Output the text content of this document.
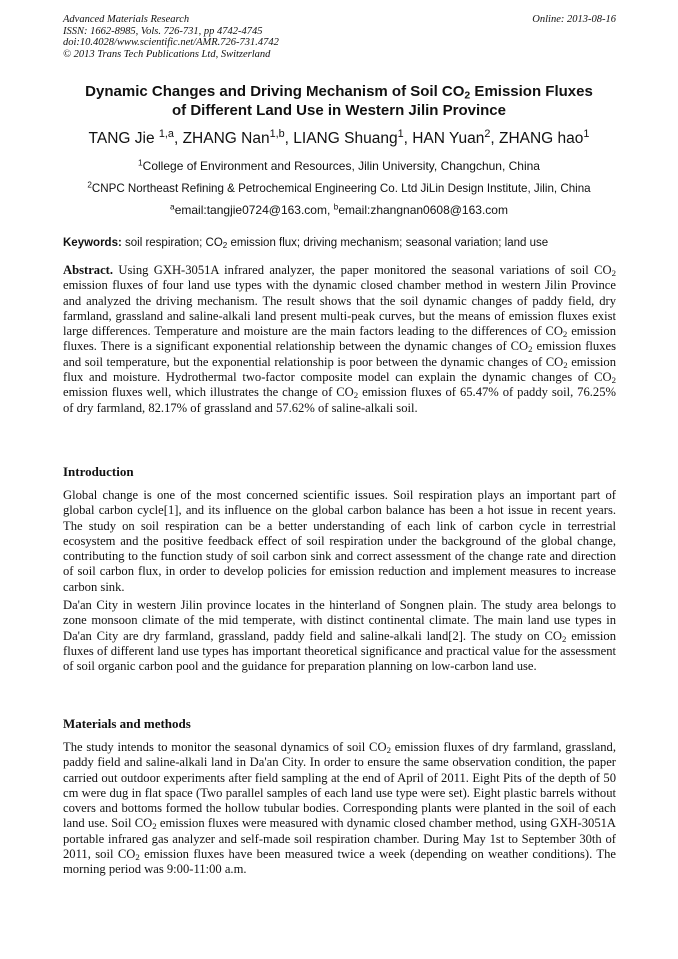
Advanced Materials Research
ISSN: 1662-8985, Vols. 726-731, pp 4742-4745
doi:10.4028/www.scientific.net/AMR.726-731.4742
© 2013 Trans Tech Publications Ltd, Switzerland
Online: 2013-08-16
Dynamic Changes and Driving Mechanism of Soil $CO_2$ Emission Fluxes
of Different Land Use in Western Jilin Province
TANG Jie $^{1,a}$, ZHANG Nan$^{1,b}$, LIANG Shuang$^1$, HAN Yuan$^2$, ZHANG hao$^1$
$^1$College of Environment and Resources, Jilin University, Changchun, China
$^2$CNPC Northeast Refining & Petrochemical Engineering Co. Ltd JiLin Design Institute, Jilin, China
$^a$email:tangjie0724@163.com, $^b$email:zhangnan0608@163.com
Keywords: soil respiration; $CO_2$ emission flux; driving mechanism; seasonal variation; land use
Abstract. Using GXH-3051A infrared analyzer, the paper monitored the seasonal variations of soil $CO_2$ emission fluxes of four land use types with the dynamic closed chamber method in western Jilin Province and analyzed the driving mechanism. The result shows that the soil dynamic changes of paddy field, dry farmland, grassland and saline-alkali land present multi-peak curves, but the means of emission fluxes exist large differences. Temperature and moisture are the main factors leading to the differences of $CO_2$ emission fluxes. There is a significant exponential relationship between the dynamic changes of $CO_2$ emission fluxes and soil temperature, but the exponential relationship is poor between the dynamic changes of $CO_2$ emission flux and moisture. Hydrothermal two-factor composite model can explain the dynamic changes of $CO_2$ emission fluxes well, which illustrates the change of $CO_2$ emission fluxes of 65.47% of paddy soil, 76.25% of dry farmland, 82.17% of grassland and 57.62% of saline-alkali soil.
Introduction
Global change is one of the most concerned scientific issues. Soil respiration plays an important part of global carbon cycle[1], and its influence on the global carbon balance has been a hot issue in recent years. The study on soil respiration can be a better understanding of each link of carbon cycle in terrestrial ecosystem and the positive feedback effect of soil respiration under the background of the global change, contributing to the function study of soil carbon sink and correct assessment of the change rate and direction of soil carbon flux, in order to develop policies for emission reduction and implement measures to increase carbon sink.
Da'an City in western Jilin province locates in the hinterland of Songnen plain. The study area belongs to zone monsoon climate of the mid temperate, with distinct continental climate. The main land use types in Da'an City are dry farmland, grassland, paddy field and saline-alkali land[2]. The study on $CO_2$ emission fluxes of different land use types has important theoretical significance and practical value for the assessment of soil organic carbon pool and the guidance for preparation planning on low-carbon land use.
Materials and methods
The study intends to monitor the seasonal dynamics of soil $CO_2$ emission fluxes of dry farmland, grassland, paddy field and saline-alkali land in Da'an City. In order to ensure the same observation condition, the paper carried out outdoor experiments after field sampling at the end of April of 2011. Eight Pits of the depth of 50 cm were dug in flat space (Two parallel samples of each land use type were set). Eight plastic barrels without covers and bottoms formed the hollow tubular bodies. Corresponding plants were planted in the soil of each land use. Soil $CO_2$ emission fluxes were measured with dynamic closed chamber method, using GXH-3051A portable infrared gas analyzer and self-made soil respiration chamber. During May 1st to September 30th of 2011, soil $CO_2$ emission fluxes have been measured twice a week (depending on weather conditions). The morning period was 9:00-11:00 a.m.
